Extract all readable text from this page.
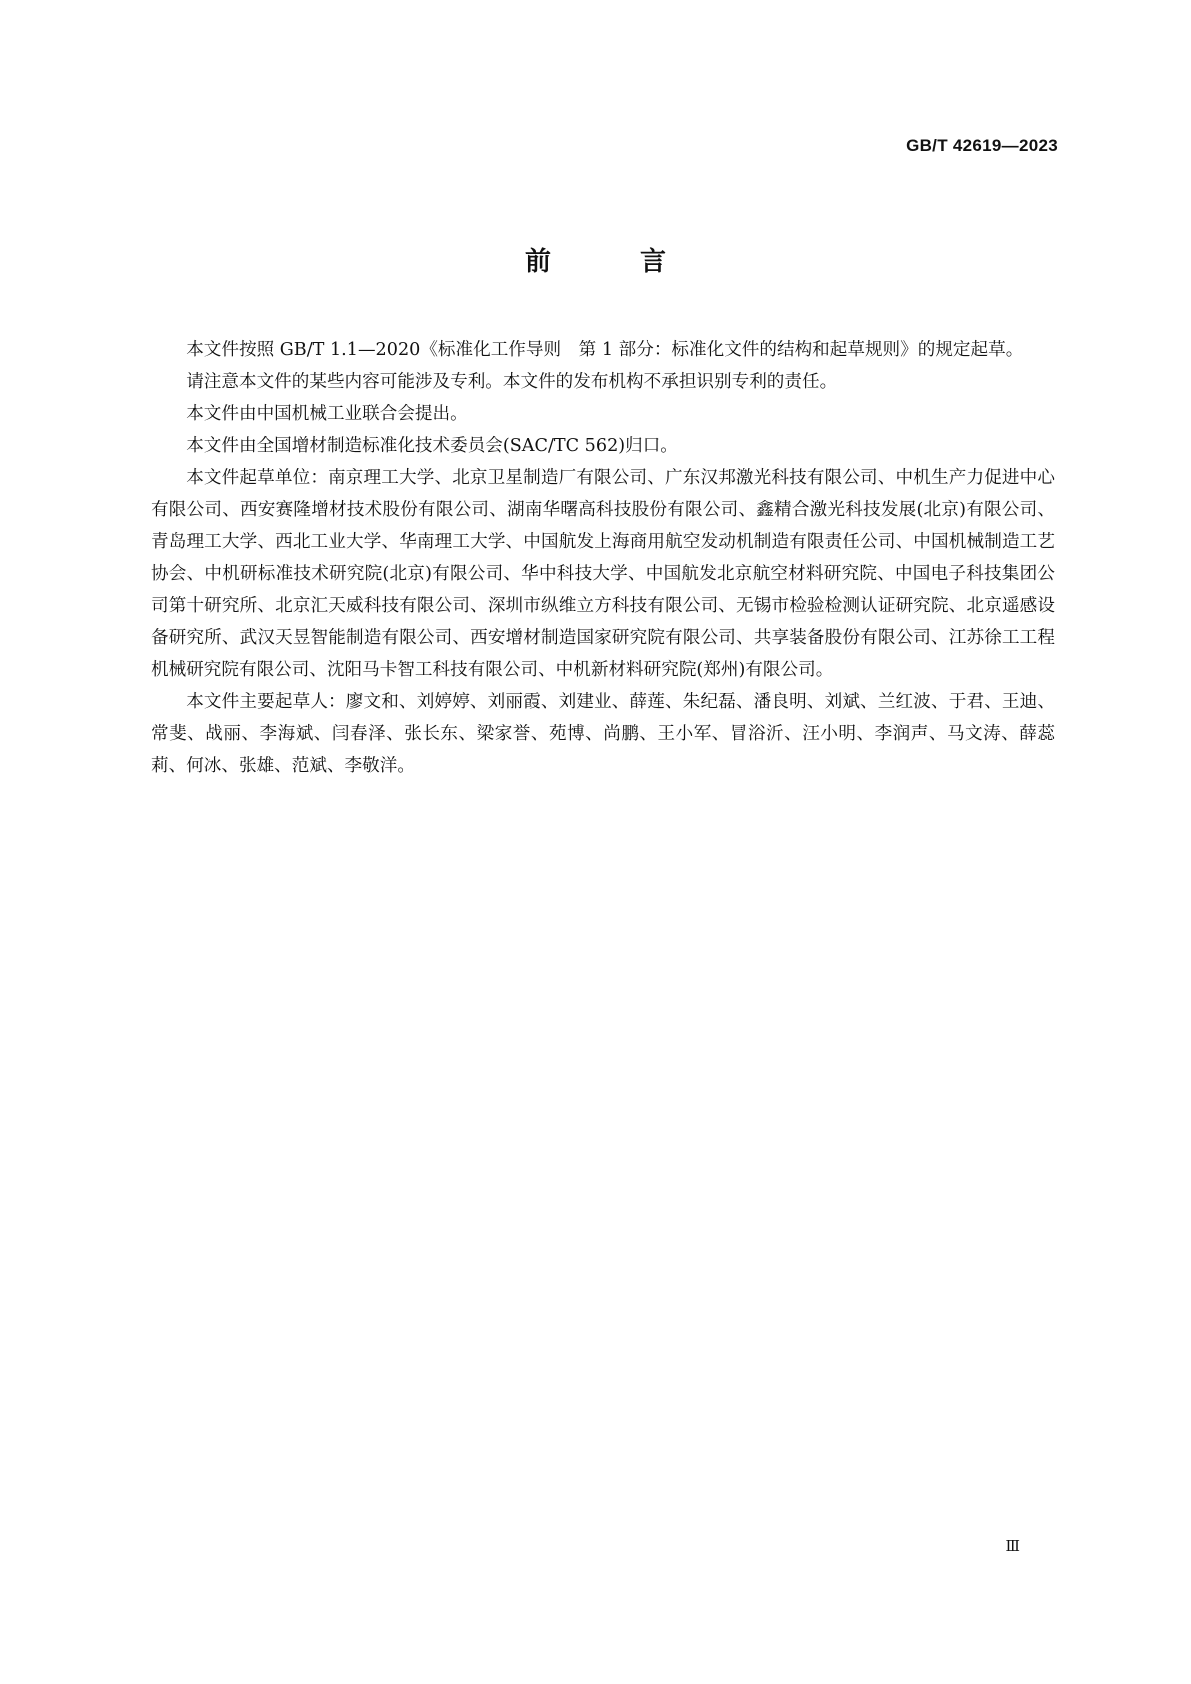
GB/T 42619—2023
前 言

本文件按照 GB/T 1.1—2020《标准化工作导则　第 1 部分：标准化文件的结构和起草规则》的规定起草。

请注意本文件的某些内容可能涉及专利。本文件的发布机构不承担识别专利的责任。

本文件由中国机械工业联合会提出。

本文件由全国增材制造标准化技术委员会(SAC/TC 562)归口。

本文件起草单位：南京理工大学、北京卫星制造厂有限公司、广东汉邦激光科技有限公司、中机生产力促进中心有限公司、西安赛隆增材技术股份有限公司、湖南华曙高科技股份有限公司、鑫精合激光科技发展(北京)有限公司、青岛理工大学、西北工业大学、华南理工大学、中国航发上海商用航空发动机制造有限责任公司、中国机械制造工艺协会、中机研标准技术研究院(北京)有限公司、华中科技大学、中国航发北京航空材料研究院、中国电子科技集团公司第十研究所、北京汇天威科技有限公司、深圳市纵维立方科技有限公司、无锡市检验检测认证研究院、北京遥感设备研究所、武汉天昱智能制造有限公司、西安增材制造国家研究院有限公司、共享装备股份有限公司、江苏徐工工程机械研究院有限公司、沈阳马卡智工科技有限公司、中机新材料研究院(郑州)有限公司。

本文件主要起草人：廖文和、刘婷婷、刘丽霞、刘建业、薛莲、朱纪磊、潘良明、刘斌、兰红波、于君、王迪、常斐、战丽、李海斌、闫春泽、张长东、梁家誉、苑博、尚鹏、王小军、冒浴沂、汪小明、李润声、马文涛、薛蕊莉、何冰、张雄、范斌、李敬洋。

Ⅲ
